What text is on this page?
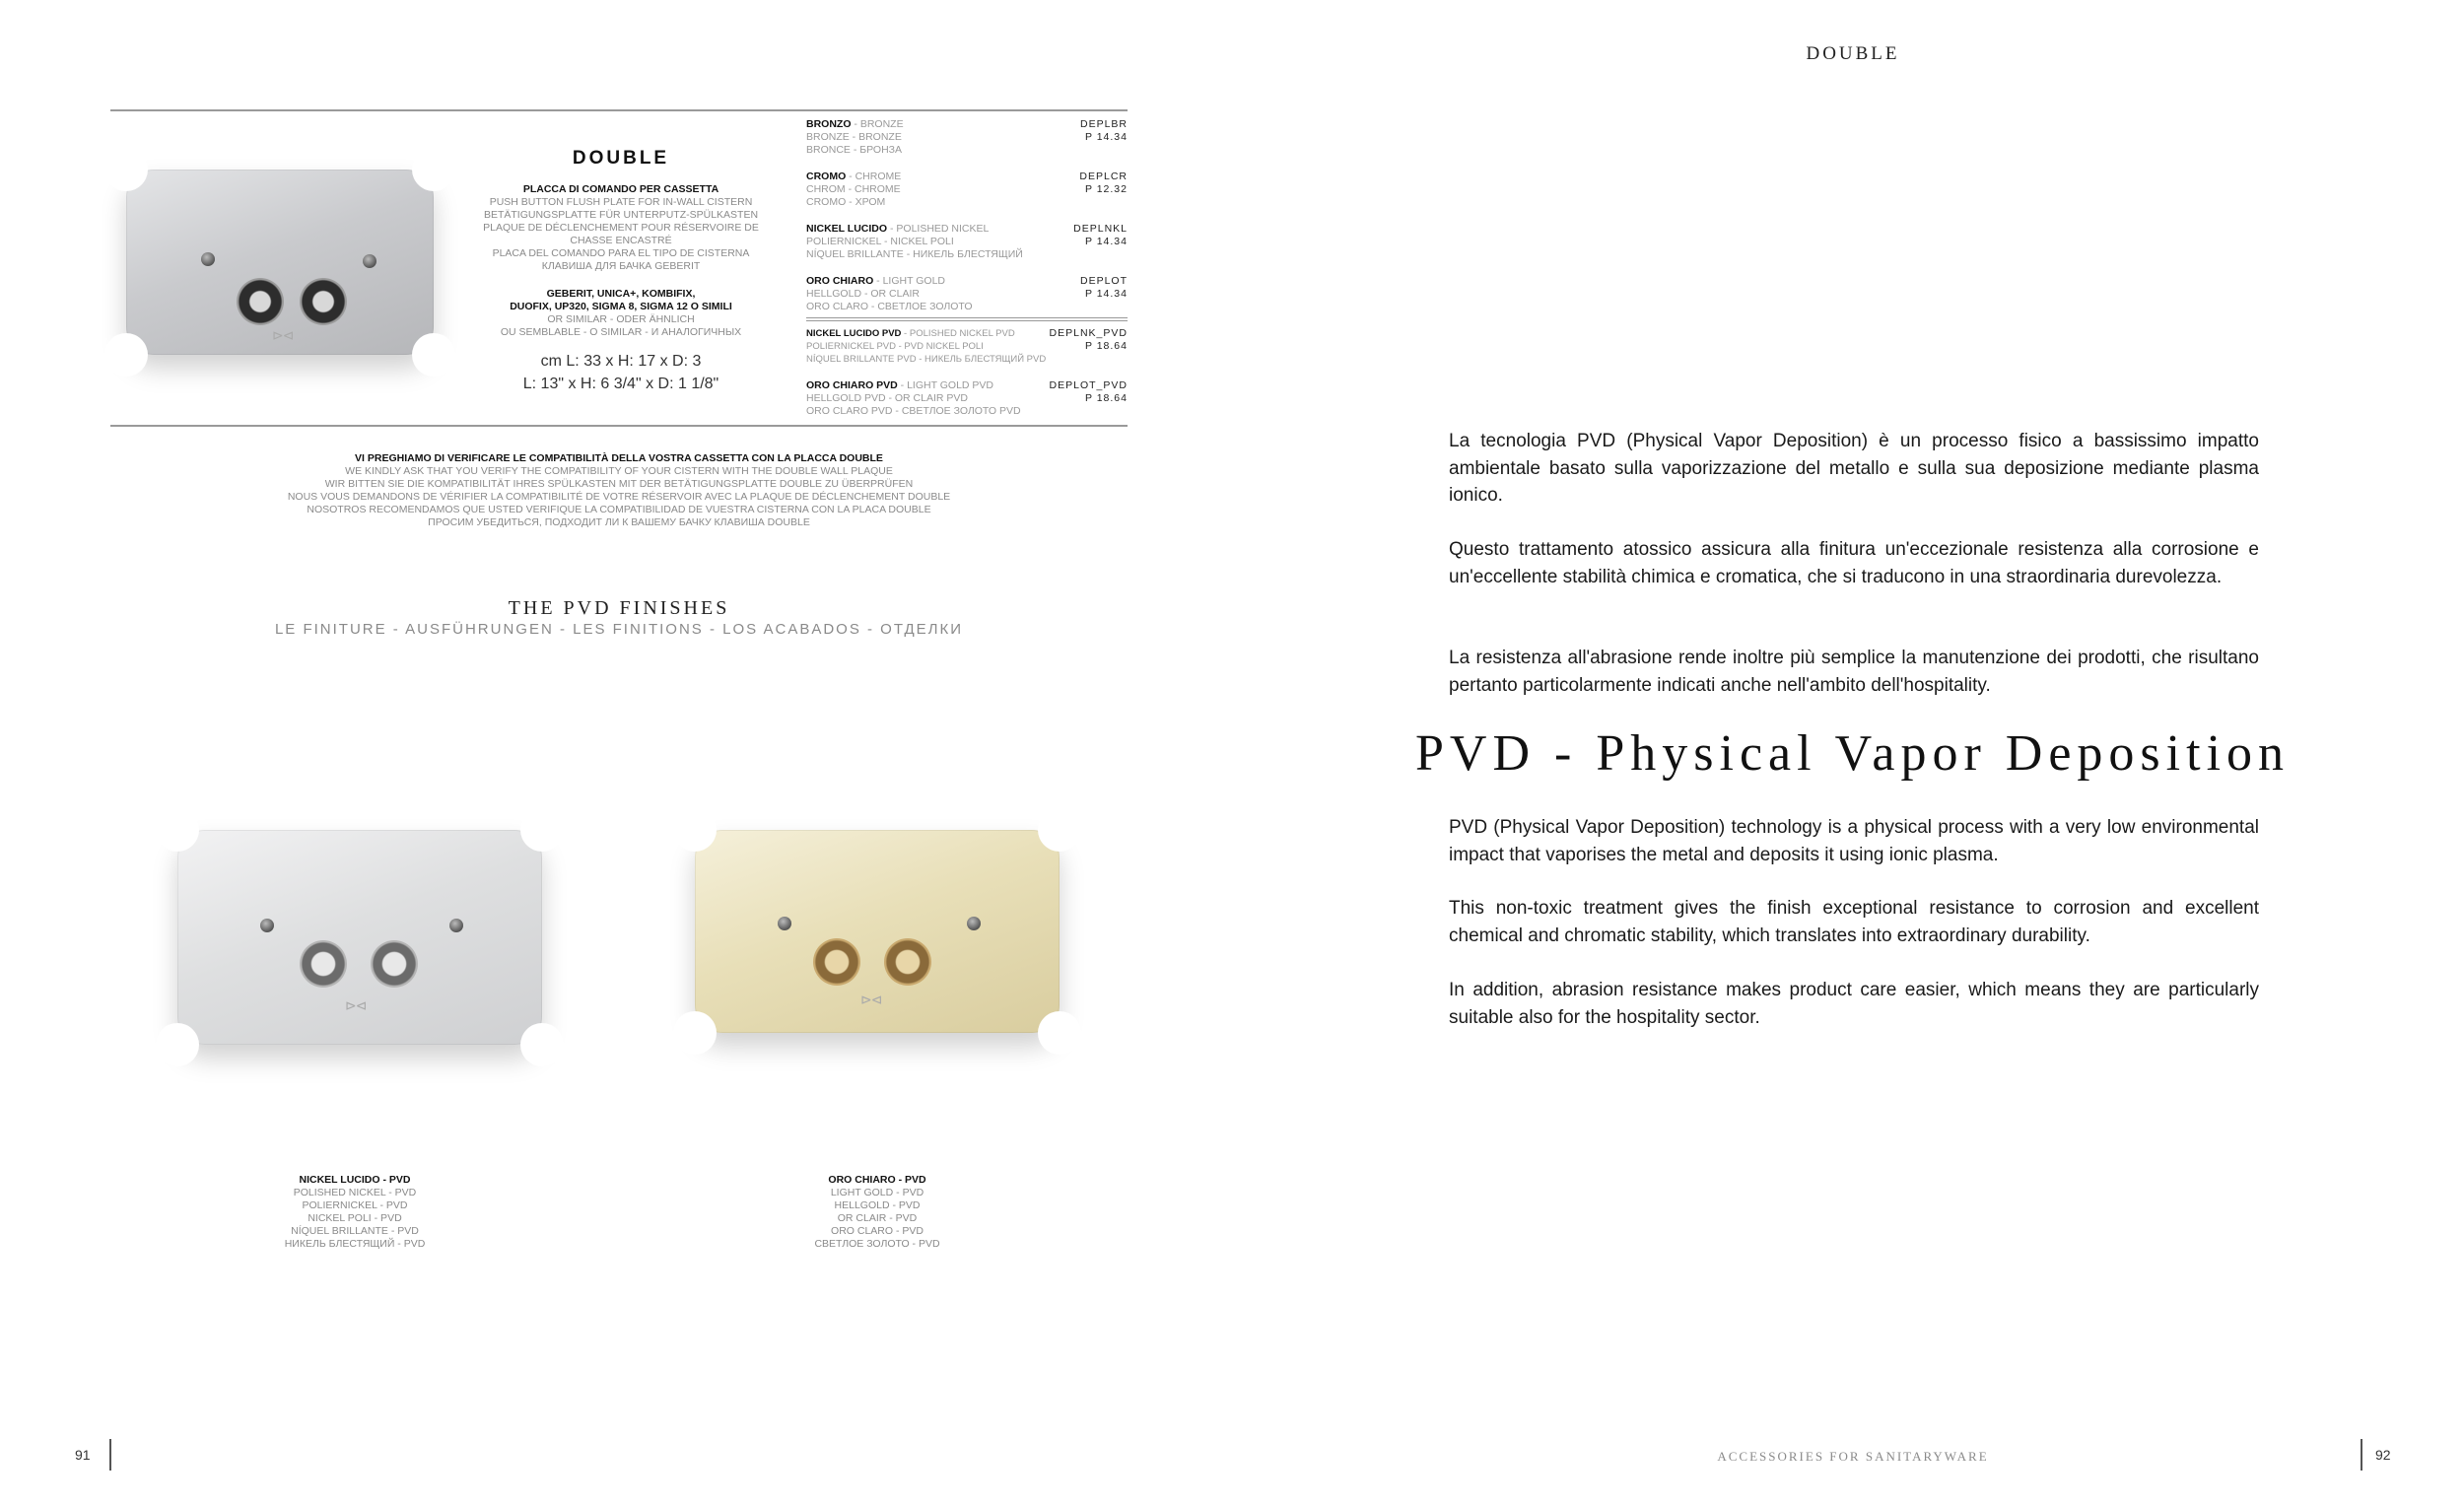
DOUBLE
⊳⊲
DOUBLE
PLACCA DI COMANDO PER CASSETTA
PUSH BUTTON FLUSH PLATE FOR IN-WALL CISTERN
BETÄTIGUNGSPLATTE FÜR UNTERPUTZ-SPÜLKASTEN
PLAQUE DE DÉCLENCHEMENT POUR RÉSERVOIRE DE
CHASSE ENCASTRÉ
PLACA DEL COMANDO PARA EL TIPO DE CISTERNA
КЛАВИША ДЛЯ БАЧКА GEBERIT
GEBERIT, UNICA+, KOMBIFIX,
DUOFIX, UP320, SIGMA 8, SIGMA 12 O SIMILI
OR SIMILAR - ODER ÄHNLICH
OU SEMBLABLE - O SIMILAR - И АНАЛОГИЧНЫХ
cm L: 33 x H: 17 x D: 3
L: 13" x H: 6 3/4" x D: 1 1/8"
BRONZO - BRONZE
BRONZE - BRONZE
BRONCE - БРОНЗА
DEPLBR
P 14.34
CROMO - CHROME
CHROM - CHROME
CROMO - ХРОМ
DEPLCR
P 12.32
NICKEL LUCIDO - POLISHED NICKEL
POLIERNICKEL - NICKEL POLI
NÍQUEL BRILLANTE - НИКЕЛЬ БЛЕСТЯЩИЙ
DEPLNKL
P 14.34
ORO CHIARO - LIGHT GOLD
HELLGOLD - OR CLAIR
ORO CLARO - СВЕТЛОЕ ЗОЛОТО
DEPLOT
P 14.34
NICKEL LUCIDO PVD - POLISHED NICKEL PVD
POLIERNICKEL PVD - PVD NICKEL POLI
NÍQUEL BRILLANTE PVD - НИКЕЛЬ БЛЕСТЯЩИЙ PVD
DEPLNK_PVD
P 18.64
ORO CHIARO PVD - LIGHT GOLD PVD
HELLGOLD PVD - OR CLAIR PVD
ORO CLARO PVD - СВЕТЛОЕ ЗОЛОТО PVD
DEPLOT_PVD
P 18.64
VI PREGHIAMO DI VERIFICARE LE COMPATIBILITÀ DELLA VOSTRA CASSETTA CON LA PLACCA DOUBLE
WE KINDLY ASK THAT YOU VERIFY THE COMPATIBILITY OF YOUR CISTERN WITH THE DOUBLE WALL PLAQUE
WIR BITTEN SIE DIE KOMPATIBILITÄT IHRES SPÜLKASTEN MIT DER BETÄTIGUNGSPLATTE DOUBLE ZU ÜBERPRÜFEN
NOUS VOUS DEMANDONS DE VÉRIFIER LA COMPATIBILITÉ DE VOTRE RÉSERVOIR AVEC LA PLAQUE DE DÉCLENCHEMENT DOUBLE
NOSOTROS RECOMENDAMOS QUE USTED VERIFIQUE LA COMPATIBILIDAD DE VUESTRA CISTERNA CON LA PLACA DOUBLE
ПРОСИМ УБЕДИТЬСЯ, ПОДХОДИТ ЛИ К ВАШЕМУ БАЧКУ КЛАВИША DOUBLE
THE PVD FINISHES
LE FINITURE - AUSFÜHRUNGEN - LES FINITIONS - LOS ACABADOS - ОТДЕЛКИ
⊳⊲	⊳⊲
NICKEL LUCIDO - PVD
POLISHED NICKEL - PVD
POLIERNICKEL - PVD
NICKEL POLI - PVD
NÍQUEL BRILLANTE - PVD
НИКЕЛЬ БЛЕСТЯЩИЙ - PVD
ORO CHIARO - PVD
LIGHT GOLD - PVD
HELLGOLD - PVD
OR CLAIR - PVD
ORO CLARO - PVD
СВЕТЛОЕ ЗОЛОТО - PVD
La tecnologia PVD (Physical Vapor Deposition) è un processo fisico a bassissimo impatto ambientale basato sulla vaporizzazione del metallo e sulla sua deposizione mediante plasma ionico.
Questo trattamento atossico assicura alla finitura un'eccezionale resistenza alla corrosione e un'eccellente stabilità chimica e cromatica, che si traducono in una straordinaria durevolezza.
La resistenza all'abrasione rende inoltre più semplice la manutenzione dei prodotti, che risultano pertanto particolarmente indicati anche nell'ambito dell'hospitality.
PVD - Physical Vapor Deposition
PVD (Physical Vapor Deposition) technology is a physical process with a very low environmental impact that vaporises the metal and deposits it using ionic plasma.
This non-toxic treatment gives the finish exceptional resistance to corrosion and excellent chemical and chromatic stability, which translates into extraordinary durability.
In addition, abrasion resistance makes product care easier, which means they are particularly suitable also for the hospitality sector.
91	ACCESSORIES FOR SANITARYWARE	92
